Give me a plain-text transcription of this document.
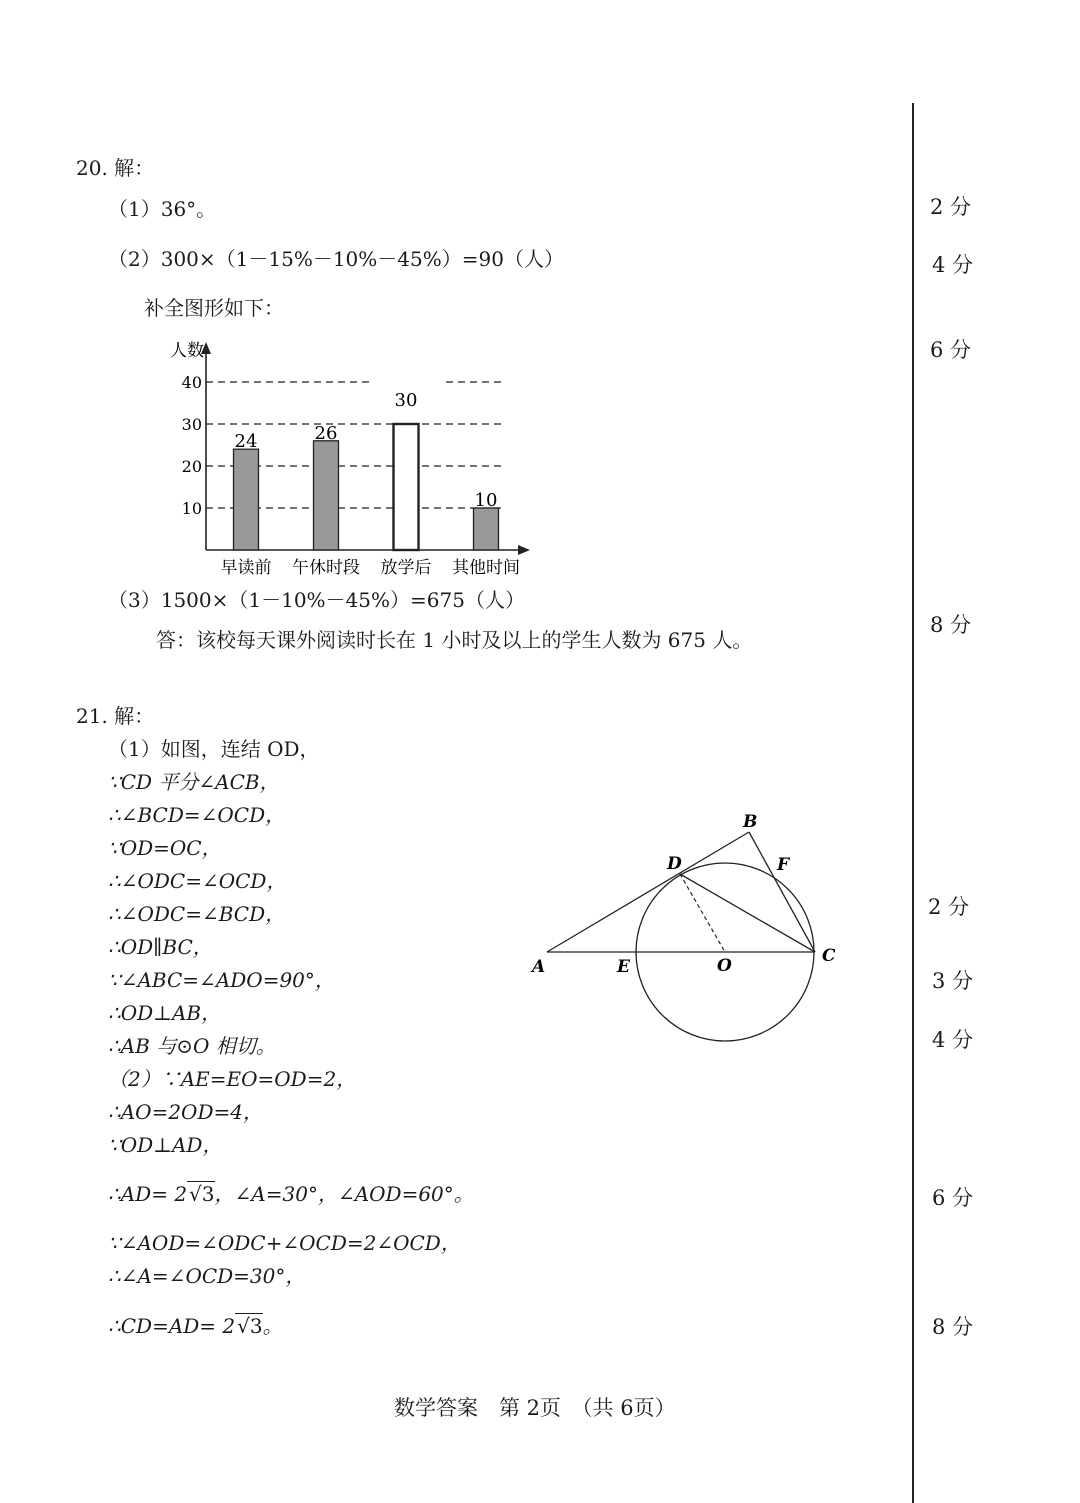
20. 解：
（1）36°。
（2）300×（1－15%－10%－45%）=90（人）
补全图形如下：
10
20
30
40
人数
24
早读前
26
午休时段
30
放学后
10
其他时间
（3）1500×（1－10%－45%）=675（人）
答：该校每天课外阅读时长在 1 小时及以上的学生人数为 675 人。
21. 解：
（1）如图，连结 OD，
∵CD 平分∠ACB，
∴∠BCD=∠OCD，
∵OD=OC，
∴∠ODC=∠OCD，
∴∠ODC=∠BCD，
∴OD∥BC，
∵∠ABC=∠ADO=90°，
∴OD⊥AB，
∴AB 与⊙O 相切。
（2）∵AE=EO=OD=2，
∴AO=2OD=4，
∵OD⊥AD，
∴AD= 2 √3，∠A=30°，∠AOD=60°。
∵∠AOD=∠ODC+∠OCD=2∠OCD，
∴∠A=∠OCD=30°，
∴CD=AD= 2 √3。
A
B
C
D
E
F
O
2 分
4 分
6 分
8 分
2 分
3 分
4 分
6 分
8 分
数学答案　第 2页　（共 6页）
